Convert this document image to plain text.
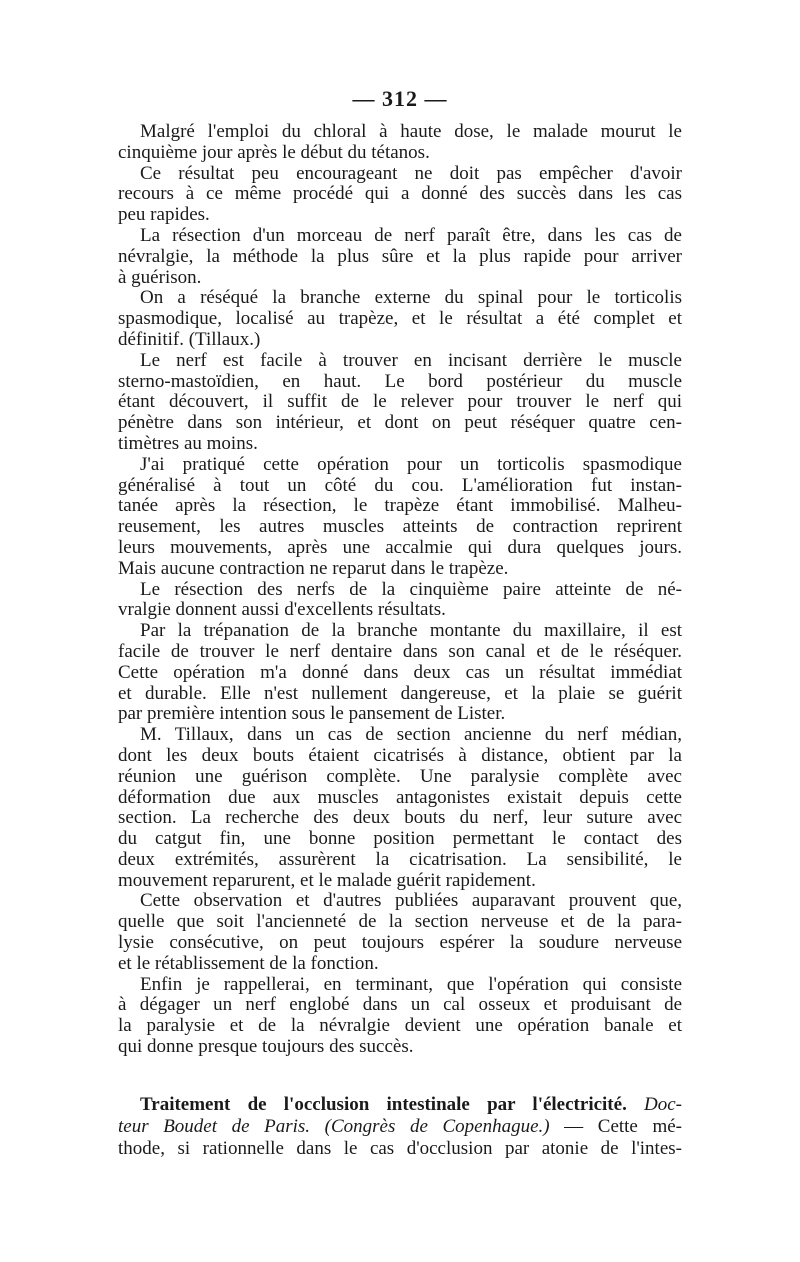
— 312 —
Malgré l'emploi du chloral à haute dose, le malade mourut le
cinquième jour après le début du tétanos.
Ce résultat peu encourageant ne doit pas empêcher d'avoir
recours à ce même procédé qui a donné des succès dans les cas
peu rapides.
La résection d'un morceau de nerf paraît être, dans les cas de
névralgie, la méthode la plus sûre et la plus rapide pour arriver
à guérison.
On a réséqué la branche externe du spinal pour le torticolis
spasmodique, localisé au trapèze, et le résultat a été complet et
définitif. (Tillaux.)
Le nerf est facile à trouver en incisant derrière le muscle
sterno-mastoïdien, en haut. Le bord postérieur du muscle
étant découvert, il suffit de le relever pour trouver le nerf qui
pénètre dans son intérieur, et dont on peut réséquer quatre cen-
timètres au moins.
J'ai pratiqué cette opération pour un torticolis spasmodique
généralisé à tout un côté du cou. L'amélioration fut instan-
tanée après la résection, le trapèze étant immobilisé. Malheu-
reusement, les autres muscles atteints de contraction reprirent
leurs mouvements, après une accalmie qui dura quelques jours.
Mais aucune contraction ne reparut dans le trapèze.
Le résection des nerfs de la cinquième paire atteinte de né-
vralgie donnent aussi d'excellents résultats.
Par la trépanation de la branche montante du maxillaire, il est
facile de trouver le nerf dentaire dans son canal et de le réséquer.
Cette opération m'a donné dans deux cas un résultat immédiat
et durable. Elle n'est nullement dangereuse, et la plaie se guérit
par première intention sous le pansement de Lister.
M. Tillaux, dans un cas de section ancienne du nerf médian,
dont les deux bouts étaient cicatrisés à distance, obtient par la
réunion une guérison complète. Une paralysie complète avec
déformation due aux muscles antagonistes existait depuis cette
section. La recherche des deux bouts du nerf, leur suture avec
du catgut fin, une bonne position permettant le contact des
deux extrémités, assurèrent la cicatrisation. La sensibilité, le
mouvement reparurent, et le malade guérit rapidement.
Cette observation et d'autres publiées auparavant prouvent que,
quelle que soit l'ancienneté de la section nerveuse et de la para-
lysie consécutive, on peut toujours espérer la soudure nerveuse
et le rétablissement de la fonction.
Enfin je rappellerai, en terminant, que l'opération qui consiste
à dégager un nerf englobé dans un cal osseux et produisant de
la paralysie et de la névralgie devient une opération banale et
qui donne presque toujours des succès.
Traitement de l'occlusion intestinale par l'électricité. Doc-
teur Boudet de Paris. (Congrès de Copenhague.) — Cette mé-
thode, si rationnelle dans le cas d'occlusion par atonie de l'intes-
